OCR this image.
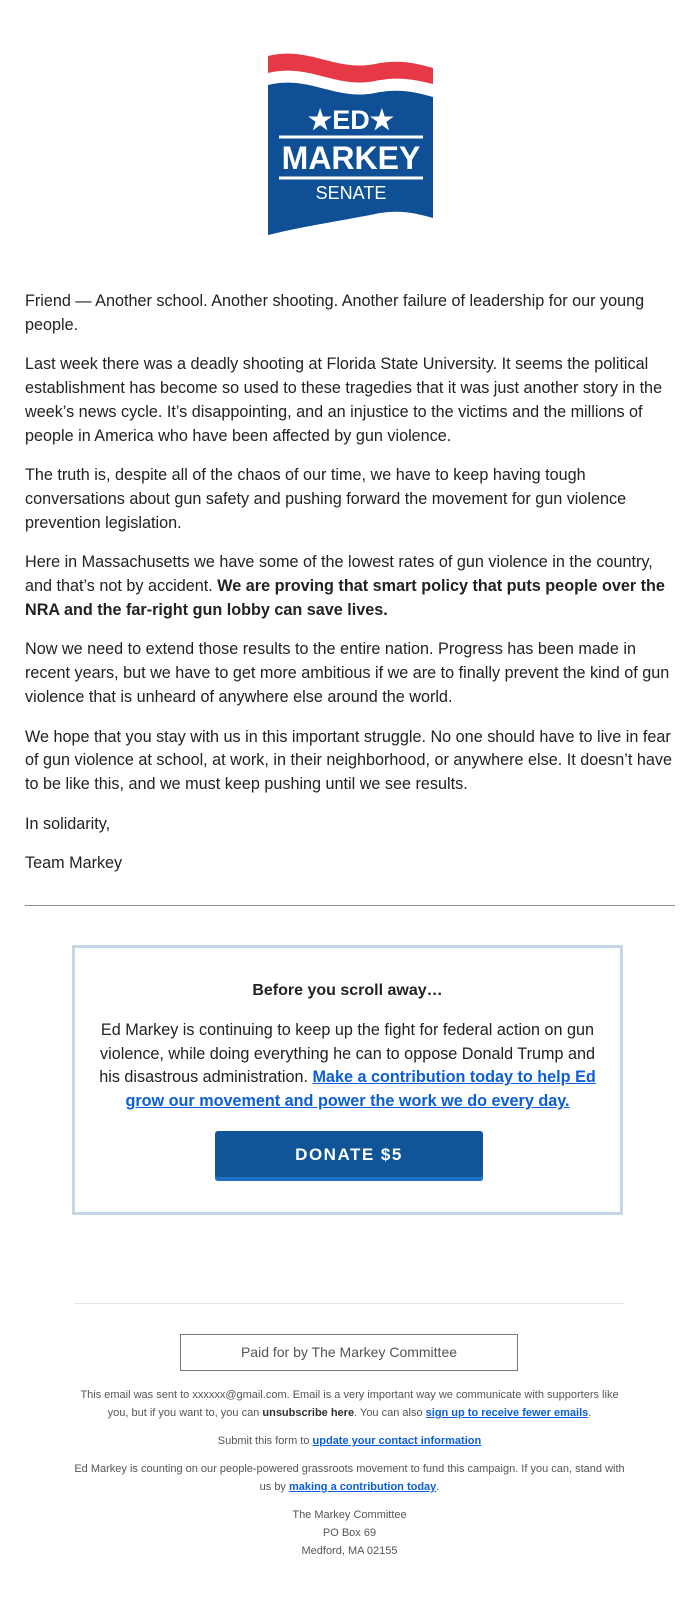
★ED★
MARKEY
SENATE

Friend — Another school. Another shooting. Another failure of leadership for our young people.

Last week there was a deadly shooting at Florida State University. It seems the political establishment has become so used to these tragedies that it was just another story in the week’s news cycle. It’s disappointing, and an injustice to the victims and the millions of people in America who have been affected by gun violence.

The truth is, despite all of the chaos of our time, we have to keep having tough conversations about gun safety and pushing forward the movement for gun violence prevention legislation.

Here in Massachusetts we have some of the lowest rates of gun violence in the country, and that’s not by accident. We are proving that smart policy that puts people over the NRA and the far-right gun lobby can save lives.

Now we need to extend those results to the entire nation. Progress has been made in recent years, but we have to get more ambitious if we are to finally prevent the kind of gun violence that is unheard of anywhere else around the world.

We hope that you stay with us in this important struggle. No one should have to live in fear of gun violence at school, at work, in their neighborhood, or anywhere else. It doesn’t have to be like this, and we must keep pushing until we see results.

In solidarity,

Team Markey

Before you scroll away…
Ed Markey is continuing to keep up the fight for federal action on gun violence, while doing everything he can to oppose Donald Trump and his disastrous administration. Make a contribution today to help Ed grow our movement and power the work we do every day.
DONATE $5
Paid for by The Markey Committee

This email was sent to xxxxxx@gmail.com. Email is a very important way we communicate with supporters like you, but if you want to, you can unsubscribe here. You can also sign up to receive fewer emails.

Submit this form to update your contact information

Ed Markey is counting on our people-powered grassroots movement to fund this campaign. If you can, stand with us by making a contribution today.

The Markey Committee
PO Box 69
Medford, MA 02155
